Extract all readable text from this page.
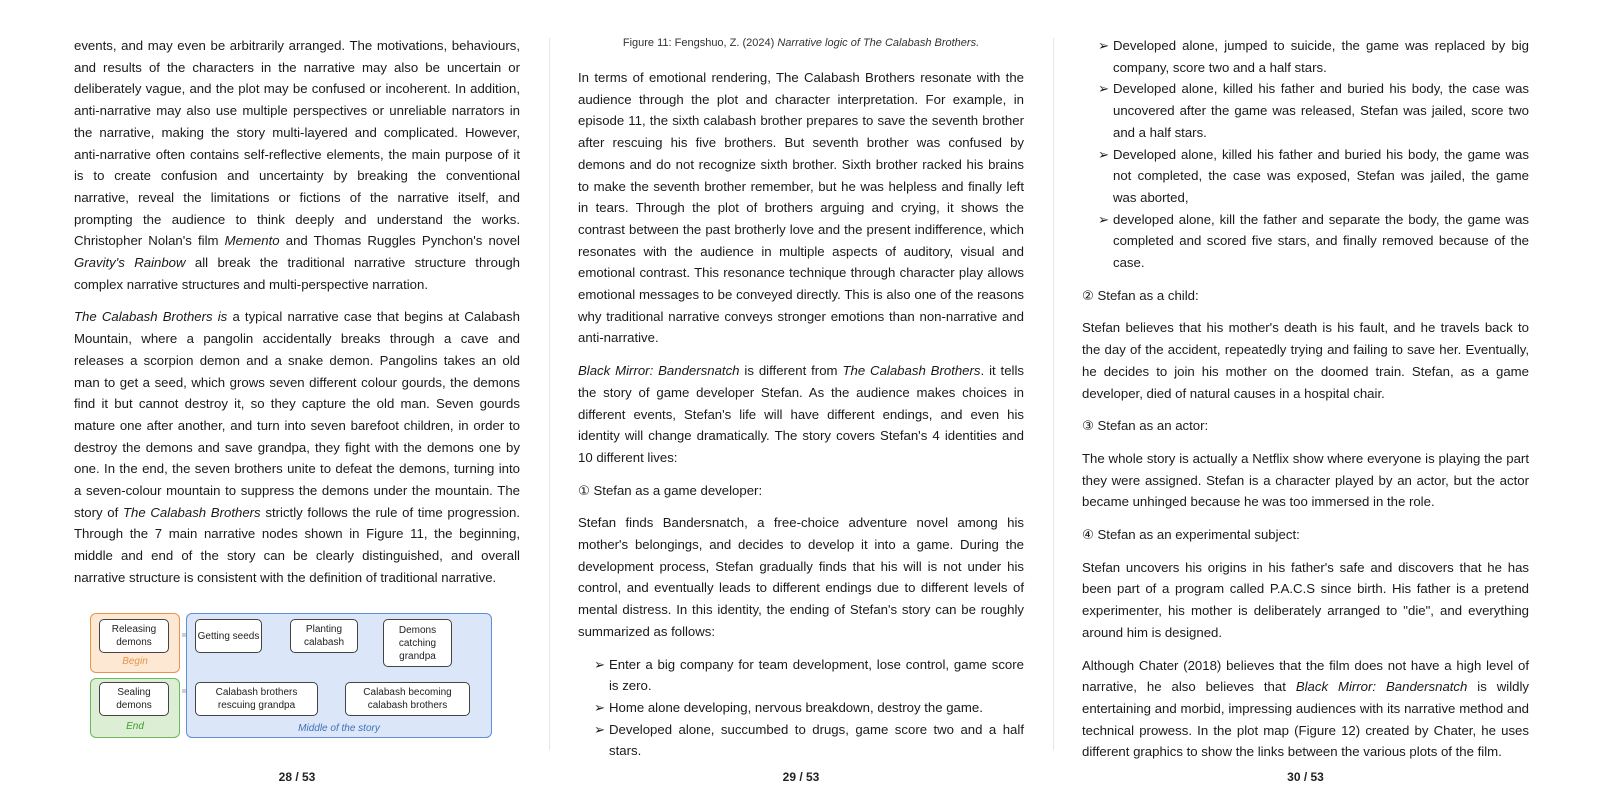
events, and may even be arbitrarily arranged. The motivations, behaviours, and results of the characters in the narrative may also be uncertain or deliberately vague, and the plot may be confused or incoherent. In addition, anti-narrative may also use multiple perspectives or unreliable narrators in the narrative, making the story multi-layered and complicated. However, anti-narrative often contains self-reflective elements, the main purpose of it is to create confusion and uncertainty by breaking the conventional narrative, reveal the limitations or fictions of the narrative itself, and prompting the audience to think deeply and understand the works. Christopher Nolan's film Memento and Thomas Ruggles Pynchon's novel Gravity's Rainbow all break the traditional narrative structure through complex narrative structures and multi-perspective narration.

The Calabash Brothers is a typical narrative case that begins at Calabash Mountain, where a pangolin accidentally breaks through a cave and releases a scorpion demon and a snake demon. Pangolins takes an old man to get a seed, which grows seven different colour gourds, the demons find it but cannot destroy it, so they capture the old man. Seven gourds mature one after another, and turn into seven barefoot children, in order to destroy the demons and save grandpa, they fight with the demons one by one. In the end, the seven brothers unite to defeat the demons, turning into a seven-colour mountain to suppress the demons under the mountain. The story of The Calabash Brothers strictly follows the rule of time progression. Through the 7 main narrative nodes shown in Figure 11, the beginning, middle and end of the story can be clearly distinguished, and overall narrative structure is consistent with the definition of traditional narrative.

Begin
End	Middle of the story
Releasing demons
Getting seeds
Planting calabash
Demons catching grandpa
Sealing demons
Calabash brothers rescuing grandpa
Calabash becoming calabash brothers
28 / 53
Figure 11: Fengshuo, Z. (2024) Narrative logic of The Calabash Brothers.

In terms of emotional rendering, The Calabash Brothers resonate with the audience through the plot and character interpretation. For example, in episode 11, the sixth calabash brother prepares to save the seventh brother after rescuing his five brothers. But seventh brother was confused by demons and do not recognize sixth brother. Sixth brother racked his brains to make the seventh brother remember, but he was helpless and finally left in tears. Through the plot of brothers arguing and crying, it shows the contrast between the past brotherly love and the present indifference, which resonates with the audience in multiple aspects of auditory, visual and emotional contrast. This resonance technique through character play allows emotional messages to be conveyed directly. This is also one of the reasons why traditional narrative conveys stronger emotions than non-narrative and anti-narrative.

Black Mirror: Bandersnatch is different from The Calabash Brothers. it tells the story of game developer Stefan. As the audience makes choices in different events, Stefan's life will have different endings, and even his identity will change dramatically. The story covers Stefan's 4 identities and 10 different lives:

① Stefan as a game developer:

Stefan finds Bandersnatch, a free-choice adventure novel among his mother's belongings, and decides to develop it into a game. During the development process, Stefan gradually finds that his will is not under his control, and eventually leads to different endings due to different levels of mental distress. In this identity, the ending of Stefan's story can be roughly summarized as follows:

➢ Enter a big company for team development, lose control, game score is zero.
➢ Home alone developing, nervous breakdown, destroy the game.
➢ Developed alone, succumbed to drugs, game score two and a half stars.
29 / 53
➢ Developed alone, jumped to suicide, the game was replaced by big company, score two and a half stars.
➢ Developed alone, killed his father and buried his body, the case was uncovered after the game was released, Stefan was jailed, score two and a half stars.
➢ Developed alone, killed his father and buried his body, the game was not completed, the case was exposed, Stefan was jailed, the game was aborted,
➢ developed alone, kill the father and separate the body, the game was completed and scored five stars, and finally removed because of the case.

② Stefan as a child:

Stefan believes that his mother's death is his fault, and he travels back to the day of the accident, repeatedly trying and failing to save her. Eventually, he decides to join his mother on the doomed train. Stefan, as a game developer, died of natural causes in a hospital chair.

③ Stefan as an actor:

The whole story is actually a Netflix show where everyone is playing the part they were assigned. Stefan is a character played by an actor, but the actor became unhinged because he was too immersed in the role.

④ Stefan as an experimental subject:

Stefan uncovers his origins in his father's safe and discovers that he has been part of a program called P.A.C.S since birth. His father is a pretend experimenter, his mother is deliberately arranged to "die", and everything around him is designed.

Although Chater (2018) believes that the film does not have a high level of narrative, he also believes that Black Mirror: Bandersnatch is wildly entertaining and morbid, impressing audiences with its narrative method and technical prowess. In the plot map (Figure 12) created by Chater, he uses different graphics to show the links between the various plots of the film.

30 / 53
